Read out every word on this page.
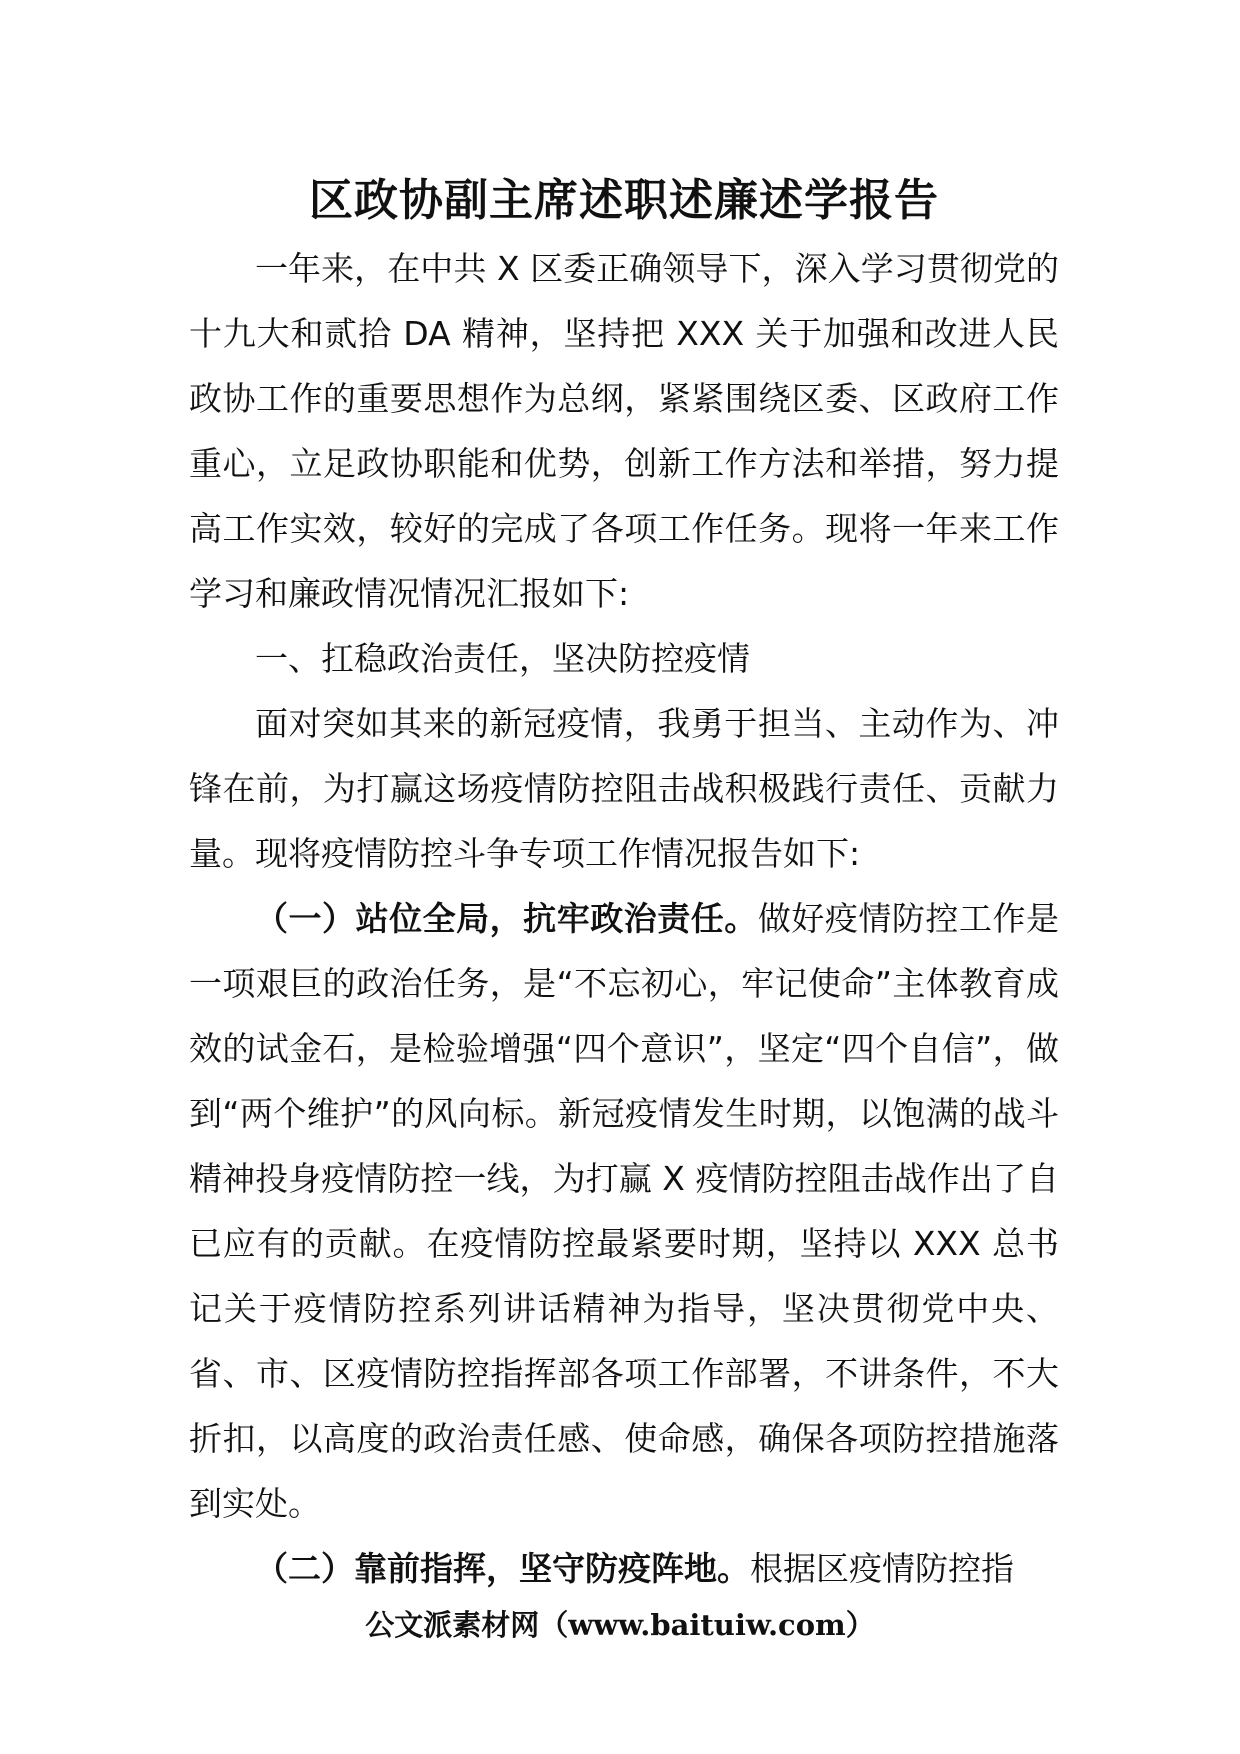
区政协副主席述职述廉述学报告

一年来，在中共 X 区委正确领导下，深入学习贯彻党的十九大和贰拾 DA 精神，坚持把 XXX 关于加强和改进人民政协工作的重要思想作为总纲，紧紧围绕区委、区政府工作重心，立足政协职能和优势，创新工作方法和举措，努力提高工作实效，较好的完成了各项工作任务。现将一年来工作学习和廉政情况情况汇报如下:

一、扛稳政治责任，坚决防控疫情

面对突如其来的新冠疫情，我勇于担当、主动作为、冲锋在前，为打赢这场疫情防控阻击战积极践行责任、贡献力量。现将疫情防控斗争专项工作情况报告如下:

（一）站位全局，抗牢政治责任。做好疫情防控工作是一项艰巨的政治任务，是“不忘初心，牢记使命”主体教育成效的试金石，是检验增强“四个意识”，坚定“四个自信”，做到“两个维护”的风向标。新冠疫情发生时期，以饱满的战斗精神投身疫情防控一线，为打赢 X 疫情防控阻击战作出了自已应有的贡献。在疫情防控最紧要时期，坚持以 XXX 总书记关于疫情防控系列讲话精神为指导，坚决贯彻党中央、省、市、区疫情防控指挥部各项工作部署，不讲条件，不大折扣，以高度的政治责任感、使命感，确保各项防控措施落到实处。

（二）靠前指挥，坚守防疫阵地。根据区疫情防控指

公文派素材网（www.baituiw.com）
